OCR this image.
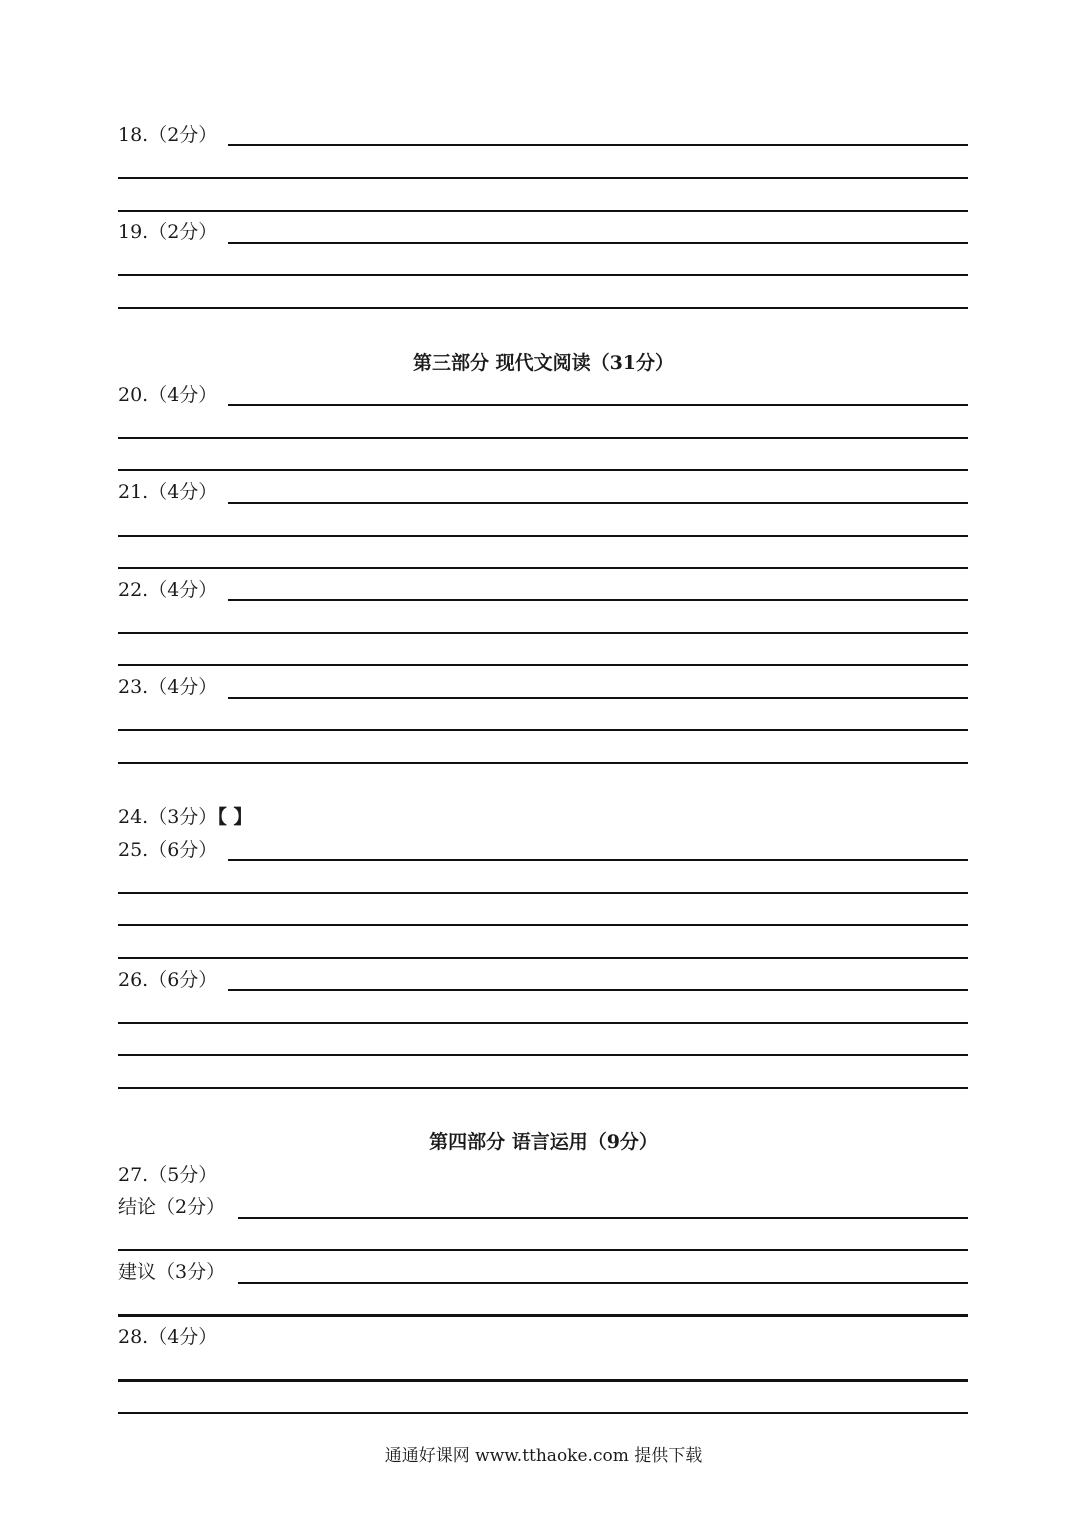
18.（2分）
19.（2分）
第三部分 现代文阅读（31分）
20.（4分）
21.（4分）
22.（4分）
23.（4分）
24.（3分）【 】
25.（6分）
26.（6分）
第四部分 语言运用（9分）
27.（5分）
结论（2分）
建议（3分）
28.（4分）
通通好课网 www.tthaoke.com 提供下载
